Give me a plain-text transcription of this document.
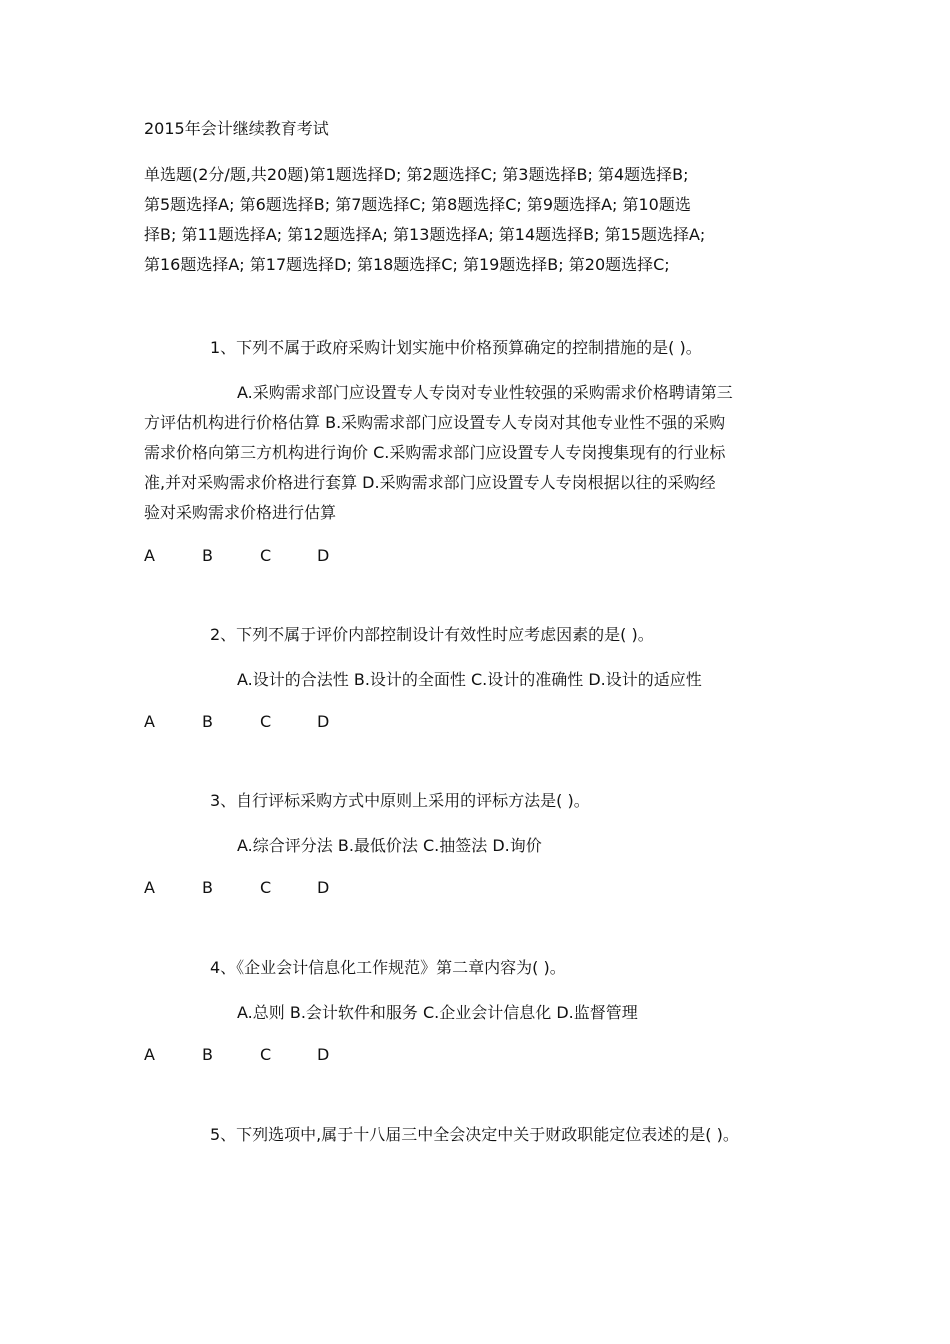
2015年会计继续教育考试
单选题(2分/题,共20题)第1题选择D; 第2题选择C; 第3题选择B; 第4题选择B;
第5题选择A; 第6题选择B; 第7题选择C; 第8题选择C; 第9题选择A; 第10题选
择B; 第11题选择A; 第12题选择A; 第13题选择A; 第14题选择B; 第15题选择A;
第16题选择A; 第17题选择D; 第18题选择C; 第19题选择B; 第20题选择C;
1、下列不属于政府采购计划实施中价格预算确定的控制措施的是( )。
A.采购需求部门应设置专人专岗对专业性较强的采购需求价格聘请第三
方评估机构进行价格估算 B.采购需求部门应设置专人专岗对其他专业性不强的采购
需求价格向第三方机构进行询价 C.采购需求部门应设置专人专岗搜集现有的行业标
准,并对采购需求价格进行套算 D.采购需求部门应设置专人专岗根据以往的采购经
验对采购需求价格进行估算
A	B	C	D
2、下列不属于评价内部控制设计有效性时应考虑因素的是( )。
A.设计的合法性 B.设计的全面性 C.设计的准确性 D.设计的适应性
A	B	C	D
3、自行评标采购方式中原则上采用的评标方法是( )。
A.综合评分法 B.最低价法 C.抽签法 D.询价
A	B	C	D
4、《企业会计信息化工作规范》第二章内容为( )。
A.总则 B.会计软件和服务 C.企业会计信息化 D.监督管理
A	B	C	D
5、下列选项中,属于十八届三中全会决定中关于财政职能定位表述的是( )。
